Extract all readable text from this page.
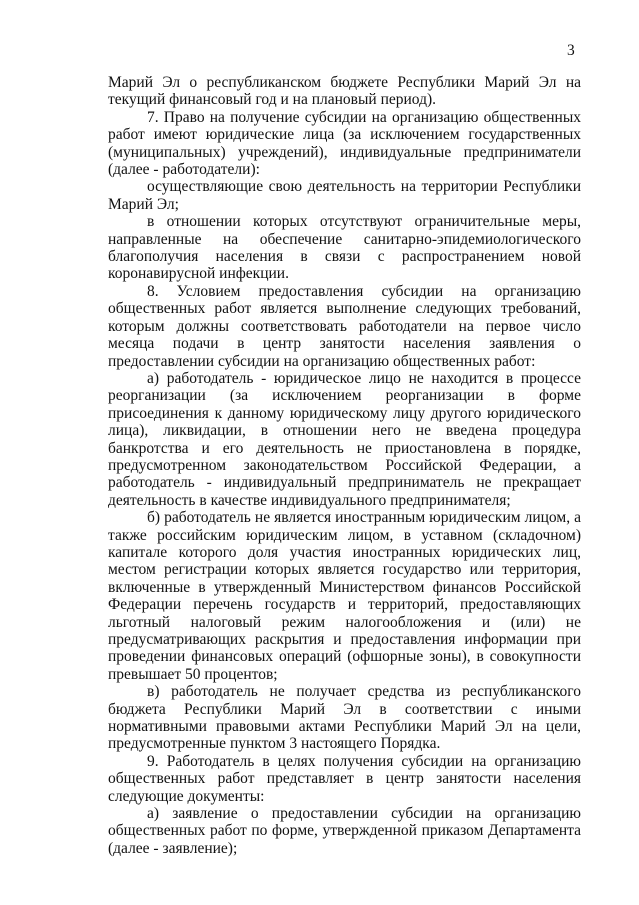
3

Марий Эл о республиканском бюджете Республики Марий Эл на текущий финансовый год и на плановый период).

7. Право на получение субсидии на организацию общественных работ имеют юридические лица (за исключением государственных (муниципальных) учреждений), индивидуальные предприниматели (далее - работодатели):

осуществляющие свою деятельность на территории Республики Марий Эл;

в отношении которых отсутствуют ограничительные меры, направленные на обеспечение санитарно-эпидемиологического благополучия населения в связи с распространением новой коронавирусной инфекции.

8. Условием предоставления субсидии на организацию общественных работ является выполнение следующих требований, которым должны соответствовать работодатели на первое число месяца подачи в центр занятости населения заявления о предоставлении субсидии на организацию общественных работ:

а) работодатель - юридическое лицо не находится в процессе реорганизации (за исключением реорганизации в форме присоединения к данному юридическому лицу другого юридического лица), ликвидации, в отношении него не введена процедура банкротства и его деятельность не приостановлена в порядке, предусмотренном законодательством Российской Федерации, а работодатель - индивидуальный предприниматель не прекращает деятельность в качестве индивидуального предпринимателя;

б) работодатель не является иностранным юридическим лицом, а также российским юридическим лицом, в уставном (складочном) капитале которого доля участия иностранных юридических лиц, местом регистрации которых является государство или территория, включенные в утвержденный Министерством финансов Российской Федерации перечень государств и территорий, предоставляющих льготный налоговый режим налогообложения и (или) не предусматривающих раскрытия и предоставления информации при проведении финансовых операций (офшорные зоны), в совокупности превышает 50 процентов;

в) работодатель не получает средства из республиканского бюджета Республики Марий Эл в соответствии с иными нормативными правовыми актами Республики Марий Эл на цели, предусмотренные пунктом 3 настоящего Порядка.

9. Работодатель в целях получения субсидии на организацию общественных работ представляет в центр занятости населения следующие документы:

а) заявление о предоставлении субсидии на организацию общественных работ по форме, утвержденной приказом Департамента (далее - заявление);
